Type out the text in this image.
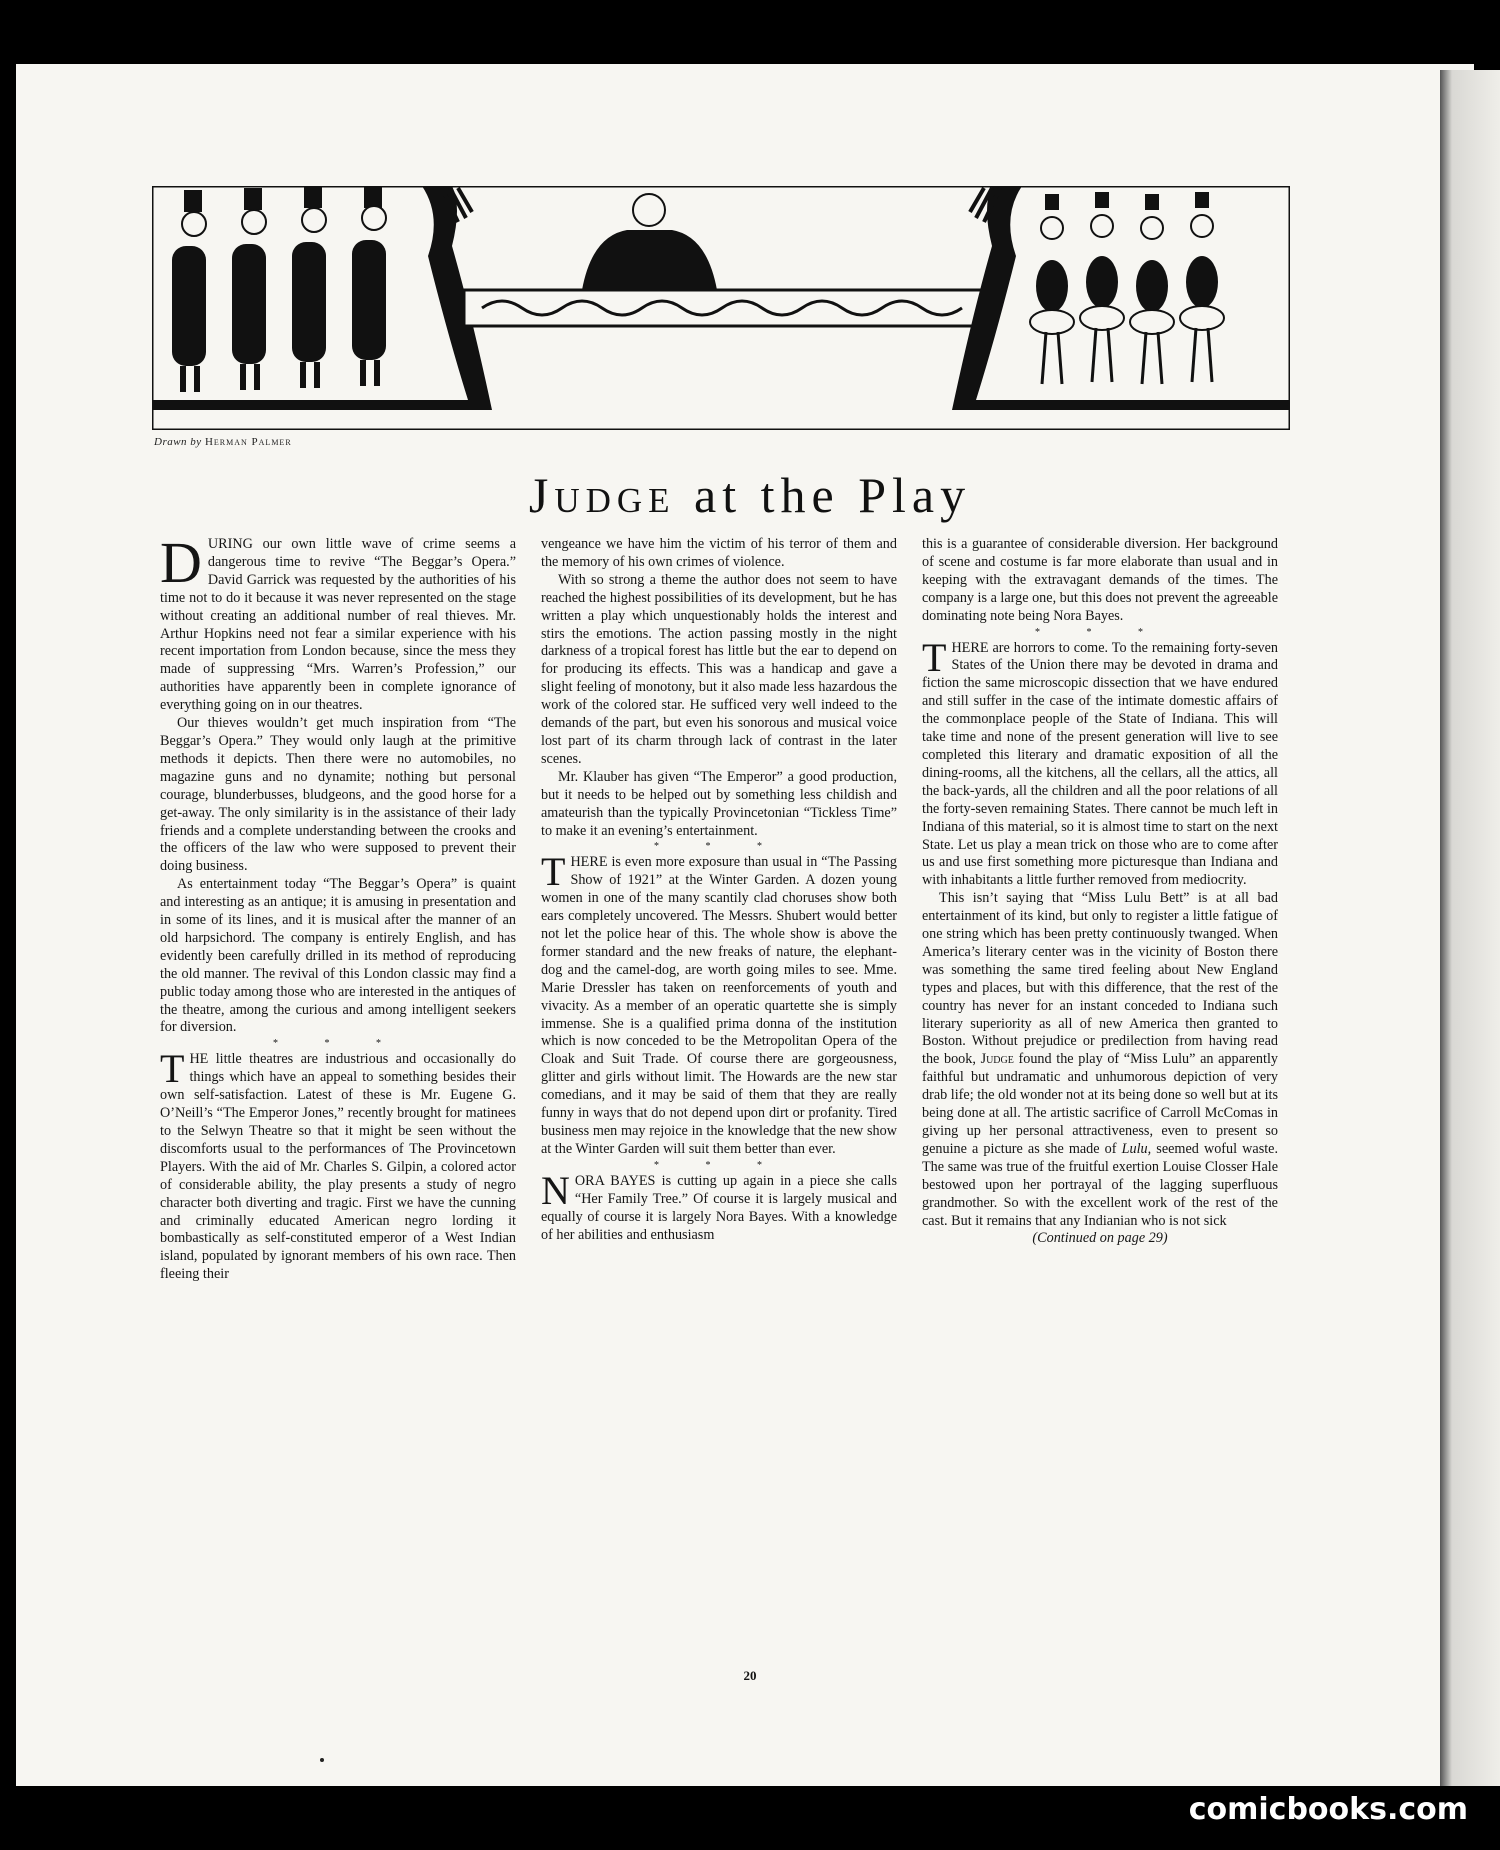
Drawn by Herman Palmer
Judge at the Play

DURING our own little wave of crime seems a dangerous time to revive “The Beggar’s Opera.” David Garrick was requested by the authorities of his time not to do it because it was never represented on the stage without creating an additional number of real thieves. Mr. Arthur Hopkins need not fear a similar experience with his recent importation from London because, since the mess they made of suppressing “Mrs. Warren’s Profession,” our authorities have apparently been in complete ignorance of everything going on in our theatres.

Our thieves wouldn’t get much inspiration from “The Beggar’s Opera.” They would only laugh at the primitive methods it depicts. Then there were no automobiles, no magazine guns and no dynamite; nothing but personal courage, blunderbusses, bludgeons, and the good horse for a get-away. The only similarity is in the assistance of their lady friends and a complete understanding between the crooks and the officers of the law who were supposed to prevent their doing business.

As entertainment today “The Beggar’s Opera” is quaint and interesting as an antique; it is amusing in presentation and in some of its lines, and it is musical after the manner of an old harpsichord. The company is entirely English, and has evidently been carefully drilled in its method of reproducing the old manner. The revival of this London classic may find a public today among those who are interested in the antiques of the theatre, among the curious and among intelligent seekers for diversion.

* * *

THE little theatres are industrious and occasionally do things which have an appeal to something besides their own self-satisfaction. Latest of these is Mr. Eugene G. O’Neill’s “The Emperor Jones,” recently brought for matinees to the Selwyn Theatre so that it might be seen without the discomforts usual to the performances of The Provincetown Players. With the aid of Mr. Charles S. Gilpin, a colored actor of considerable ability, the play presents a study of negro character both diverting and tragic. First we have the cunning and criminally educated American negro lording it bombastically as self-constituted emperor of a West Indian island, populated by ignorant members of his own race. Then fleeing their

vengeance we have him the victim of his terror of them and the memory of his own crimes of violence.

With so strong a theme the author does not seem to have reached the highest possibilities of its development, but he has written a play which unquestionably holds the interest and stirs the emotions. The action passing mostly in the night darkness of a tropical forest has little but the ear to depend on for producing its effects. This was a handicap and gave a slight feeling of monotony, but it also made less hazardous the work of the colored star. He sufficed very well indeed to the demands of the part, but even his sonorous and musical voice lost part of its charm through lack of contrast in the later scenes.

Mr. Klauber has given “The Emperor” a good production, but it needs to be helped out by something less childish and amateurish than the typically Provincetonian “Tickless Time” to make it an evening’s entertainment.

* * *

THERE is even more exposure than usual in “The Passing Show of 1921” at the Winter Garden. A dozen young women in one of the many scantily clad choruses show both ears completely uncovered. The Messrs. Shubert would better not let the police hear of this. The whole show is above the former standard and the new freaks of nature, the elephant-dog and the camel-dog, are worth going miles to see. Mme. Marie Dressler has taken on reenforcements of youth and vivacity. As a member of an operatic quartette she is simply immense. She is a qualified prima donna of the institution which is now conceded to be the Metropolitan Opera of the Cloak and Suit Trade. Of course there are gorgeousness, glitter and girls without limit. The Howards are the new star comedians, and it may be said of them that they are really funny in ways that do not depend upon dirt or profanity. Tired business men may rejoice in the knowledge that the new show at the Winter Garden will suit them better than ever.

* * *

NORA BAYES is cutting up again in a piece she calls “Her Family Tree.” Of course it is largely musical and equally of course it is largely Nora Bayes. With a knowledge of her abilities and enthusiasm

this is a guarantee of considerable diversion. Her background of scene and costume is far more elaborate than usual and in keeping with the extravagant demands of the times. The company is a large one, but this does not prevent the agreeable dominating note being Nora Bayes.

* * *

THERE are horrors to come. To the remaining forty-seven States of the Union there may be devoted in drama and fiction the same microscopic dissection that we have endured and still suffer in the case of the intimate domestic affairs of the commonplace people of the State of Indiana. This will take time and none of the present generation will live to see completed this literary and dramatic exposition of all the dining-rooms, all the kitchens, all the cellars, all the attics, all the back-yards, all the children and all the poor relations of all the forty-seven remaining States. There cannot be much left in Indiana of this material, so it is almost time to start on the next State. Let us play a mean trick on those who are to come after us and use first something more picturesque than Indiana and with inhabitants a little further removed from mediocrity.

This isn’t saying that “Miss Lulu Bett” is at all bad entertainment of its kind, but only to register a little fatigue of one string which has been pretty continuously twanged. When America’s literary center was in the vicinity of Boston there was something the same tired feeling about New England types and places, but with this difference, that the rest of the country has never for an instant conceded to Indiana such literary superiority as all of new America then granted to Boston. Without prejudice or predilection from having read the book, Judge found the play of “Miss Lulu” an apparently faithful but undramatic and unhumorous depiction of very drab life; the old wonder not at its being done so well but at its being done at all. The artistic sacrifice of Carroll McComas in giving up her personal attractiveness, even to present so genuine a picture as she made of Lulu, seemed woful waste. The same was true of the fruitful exertion Louise Closser Hale bestowed upon her portrayal of the lagging superfluous grandmother. So with the excellent work of the rest of the cast. But it remains that any Indianian who is not sick

(Continued on page 29)
20
comicbooks.com
